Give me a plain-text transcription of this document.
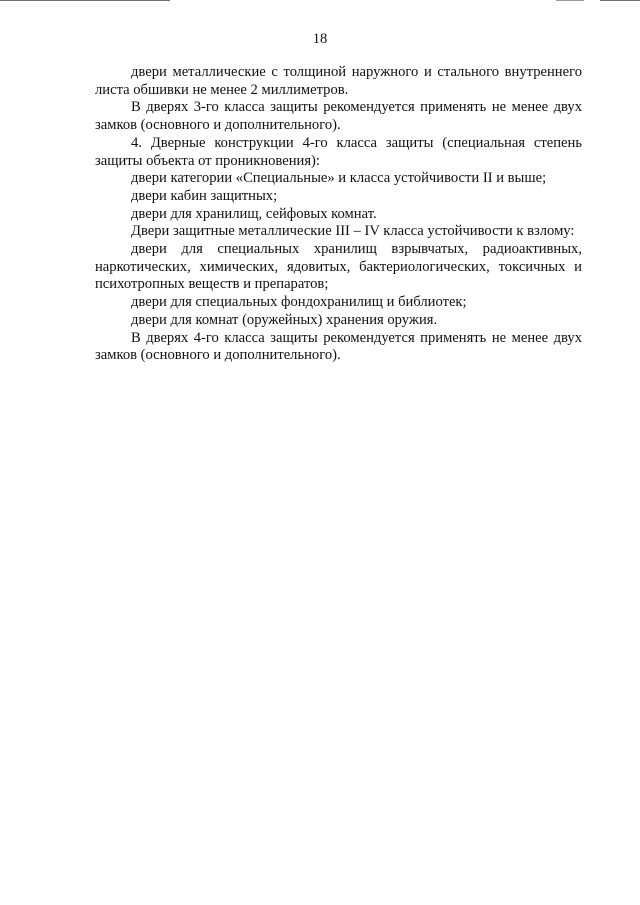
18

двери металлические с толщиной наружного и стального внутреннего листа обшивки не менее 2 миллиметров.

В дверях 3-го класса защиты рекомендуется применять не менее двух замков (основного и дополнительного).

4. Дверные конструкции 4-го класса защиты (специальная степень защиты объекта от проникновения):

двери категории «Специальные» и класса устойчивости II и выше;

двери кабин защитных;

двери для хранилищ, сейфовых комнат.

Двери защитные металлические III – IV класса устойчивости к взлому:

двери для специальных хранилищ взрывчатых, радиоактивных, наркотических, химических, ядовитых, бактериологических, токсичных и психотропных веществ и препаратов;

двери для специальных фондохранилищ и библиотек;

двери для комнат (оружейных) хранения оружия.

В дверях 4-го класса защиты рекомендуется применять не менее двух замков (основного и дополнительного).
